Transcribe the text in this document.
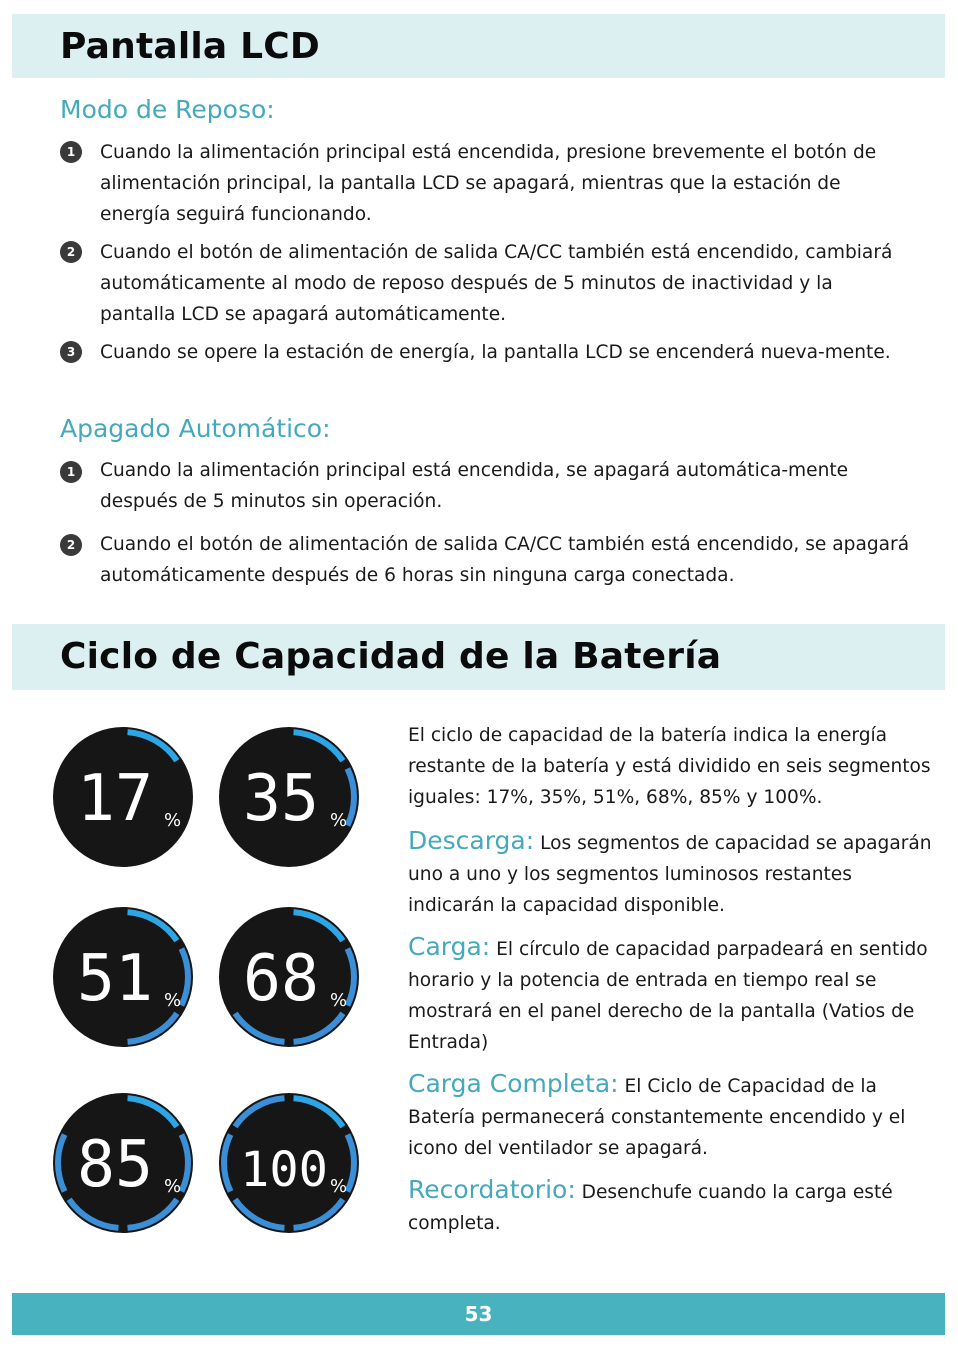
Pantalla LCD
Modo de Reposo:
1	Cuando la alimentación principal está encendida, presione brevemente el botón de alimentación principal, la pantalla LCD se apagará, mientras que la estación de energía seguirá funcionando.

2	Cuando el botón de alimentación de salida CA/CC también está encendido, cambiará automáticamente al modo de reposo después de 5 minutos de inactividad y la pantalla LCD se apagará automáticamente.

3	Cuando se opere la estación de energía, la pantalla LCD se encenderá nueva-mente.

Apagado Automático:
1	Cuando la alimentación principal está encendida, se apagará automática-mente después de 5 minutos sin operación.

2	Cuando el botón de alimentación de salida CA/CC también está encendido, se apagará automáticamente después de 6 horas sin ninguna carga conectada.

Ciclo de Capacidad de la Batería
17 % 35 %
51 % 68 %
85 % 100 %

El ciclo de capacidad de la batería indica la energía restante de la batería y está dividido en seis segmentos iguales: 17%, 35%, 51%, 68%, 85% y 100%.

Descarga: Los segmentos de capacidad se apagarán uno a uno y los segmentos luminosos restantes indicarán la capacidad disponible.

Carga: El círculo de capacidad parpadeará en sentido horario y la potencia de entrada en tiempo real se mostrará en el panel derecho de la pantalla (Vatios de Entrada)

Carga Completa: El Ciclo de Capacidad de la Batería permanecerá constantemente encendido y el icono del ventilador se apagará.

Recordatorio: Desenchufe cuando la carga esté completa.

53
